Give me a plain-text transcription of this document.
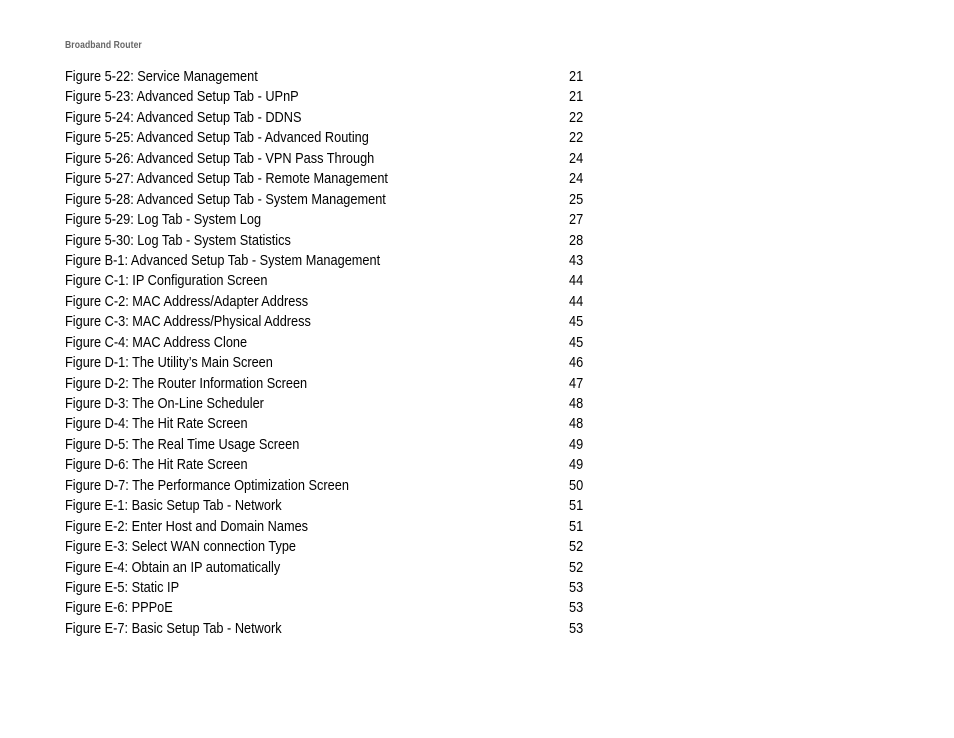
Broadband Router
Figure 5-22: Service Management	21
Figure 5-23: Advanced Setup Tab - UPnP	21
Figure 5-24: Advanced Setup Tab - DDNS	22
Figure 5-25: Advanced Setup Tab - Advanced Routing	22
Figure 5-26: Advanced Setup Tab - VPN Pass Through	24
Figure 5-27: Advanced Setup Tab - Remote Management	24
Figure 5-28: Advanced Setup Tab - System Management	25
Figure 5-29: Log Tab - System Log	27
Figure 5-30: Log Tab - System Statistics	28
Figure B-1: Advanced Setup Tab - System Management	43
Figure C-1: IP Configuration Screen	44
Figure C-2: MAC Address/Adapter Address	44
Figure C-3: MAC Address/Physical Address	45
Figure C-4: MAC Address Clone	45
Figure D-1: The Utility’s Main Screen	46
Figure D-2: The Router Information Screen	47
Figure D-3: The On-Line Scheduler	48
Figure D-4: The Hit Rate Screen	48
Figure D-5: The Real Time Usage Screen	49
Figure D-6: The Hit Rate Screen	49
Figure D-7: The Performance Optimization Screen	50
Figure E-1: Basic Setup Tab - Network	51
Figure E-2: Enter Host and Domain Names	51
Figure E-3: Select WAN connection Type	52
Figure E-4: Obtain an IP automatically	52
Figure E-5: Static IP	53
Figure E-6: PPPoE	53
Figure E-7: Basic Setup Tab - Network	53
